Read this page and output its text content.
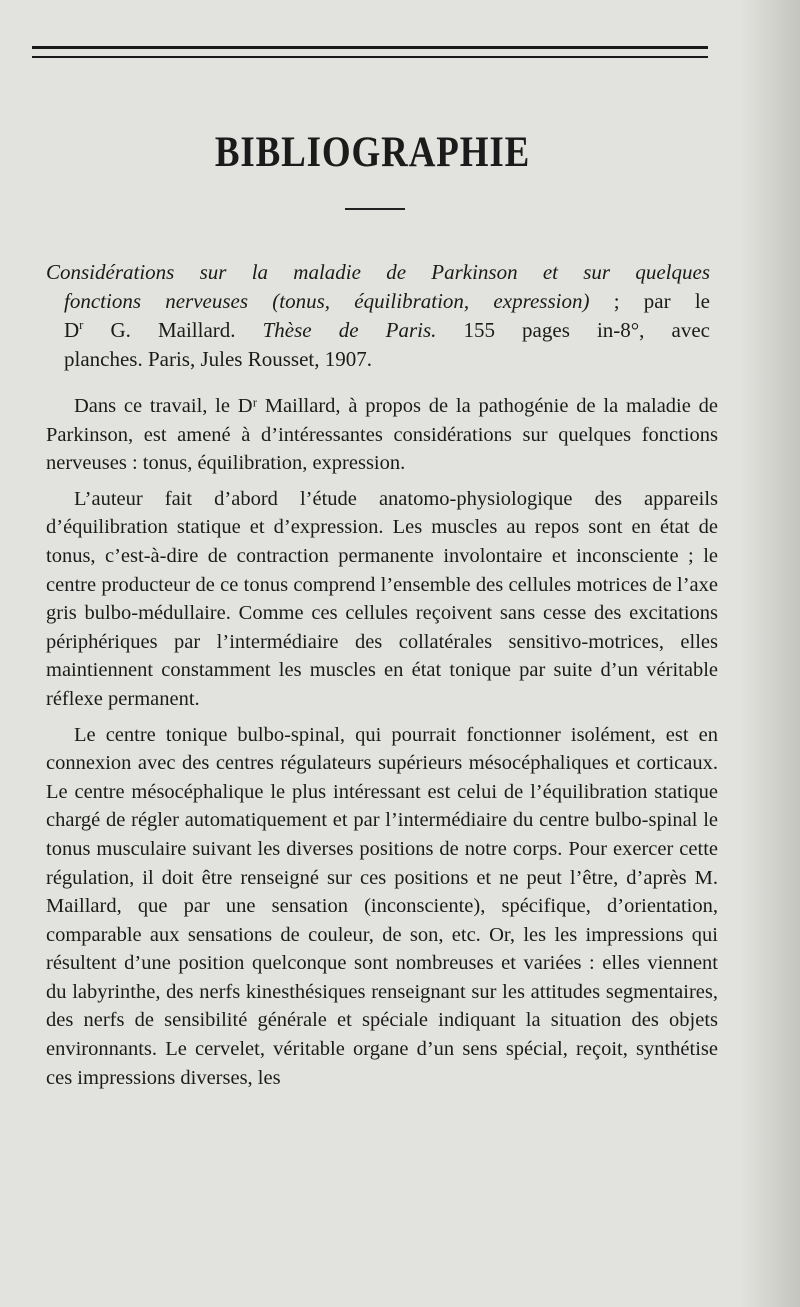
BIBLIOGRAPHIE
Considérations sur la maladie de Parkinson et sur quelques
fonctions nerveuses (tonus, équilibration, expression) ; par le
$D^r$ G. Maillard. Thèse de Paris. 155 pages in-8°, avec
planches. Paris, Jules Rousset, 1907.

Dans ce travail, le Dʳ Maillard, à propos de la pathogénie de la maladie de Parkinson, est amené à d’intéressantes considérations sur quelques fonctions nerveuses : tonus, équilibration, expression.

L’auteur fait d’abord l’étude anatomo-physiologique des appareils d’équilibration statique et d’expression. Les muscles au repos sont en état de tonus, c’est-à-dire de contraction permanente involontaire et inconsciente ; le centre producteur de ce tonus comprend l’ensemble des cellules motrices de l’axe gris bulbo-médullaire. Comme ces cellules reçoivent sans cesse des excitations périphériques par l’intermédiaire des collatérales sensitivo-motrices, elles maintiennent constamment les muscles en état tonique par suite d’un véritable réflexe permanent.

Le centre tonique bulbo-spinal, qui pourrait fonctionner isolément, est en connexion avec des centres régulateurs supérieurs mésocéphaliques et corticaux. Le centre mésocéphalique le plus intéressant est celui de l’équilibration statique chargé de régler automatiquement et par l’intermédiaire du centre bulbo-spinal le tonus musculaire suivant les diverses positions de notre corps. Pour exercer cette régulation, il doit être renseigné sur ces positions et ne peut l’être, d’après M. Maillard, que par une sensation (inconsciente), spécifique, d’orientation, comparable aux sensations de couleur, de son, etc. Or, les les impressions qui résultent d’une position quelconque sont nombreuses et variées : elles viennent du labyrinthe, des nerfs kinesthésiques renseignant sur les attitudes segmentaires, des nerfs de sensibilité générale et spéciale indiquant la situation des objets environnants. Le cervelet, véritable organe d’un sens spécial, reçoit, synthétise ces impressions diverses, les
